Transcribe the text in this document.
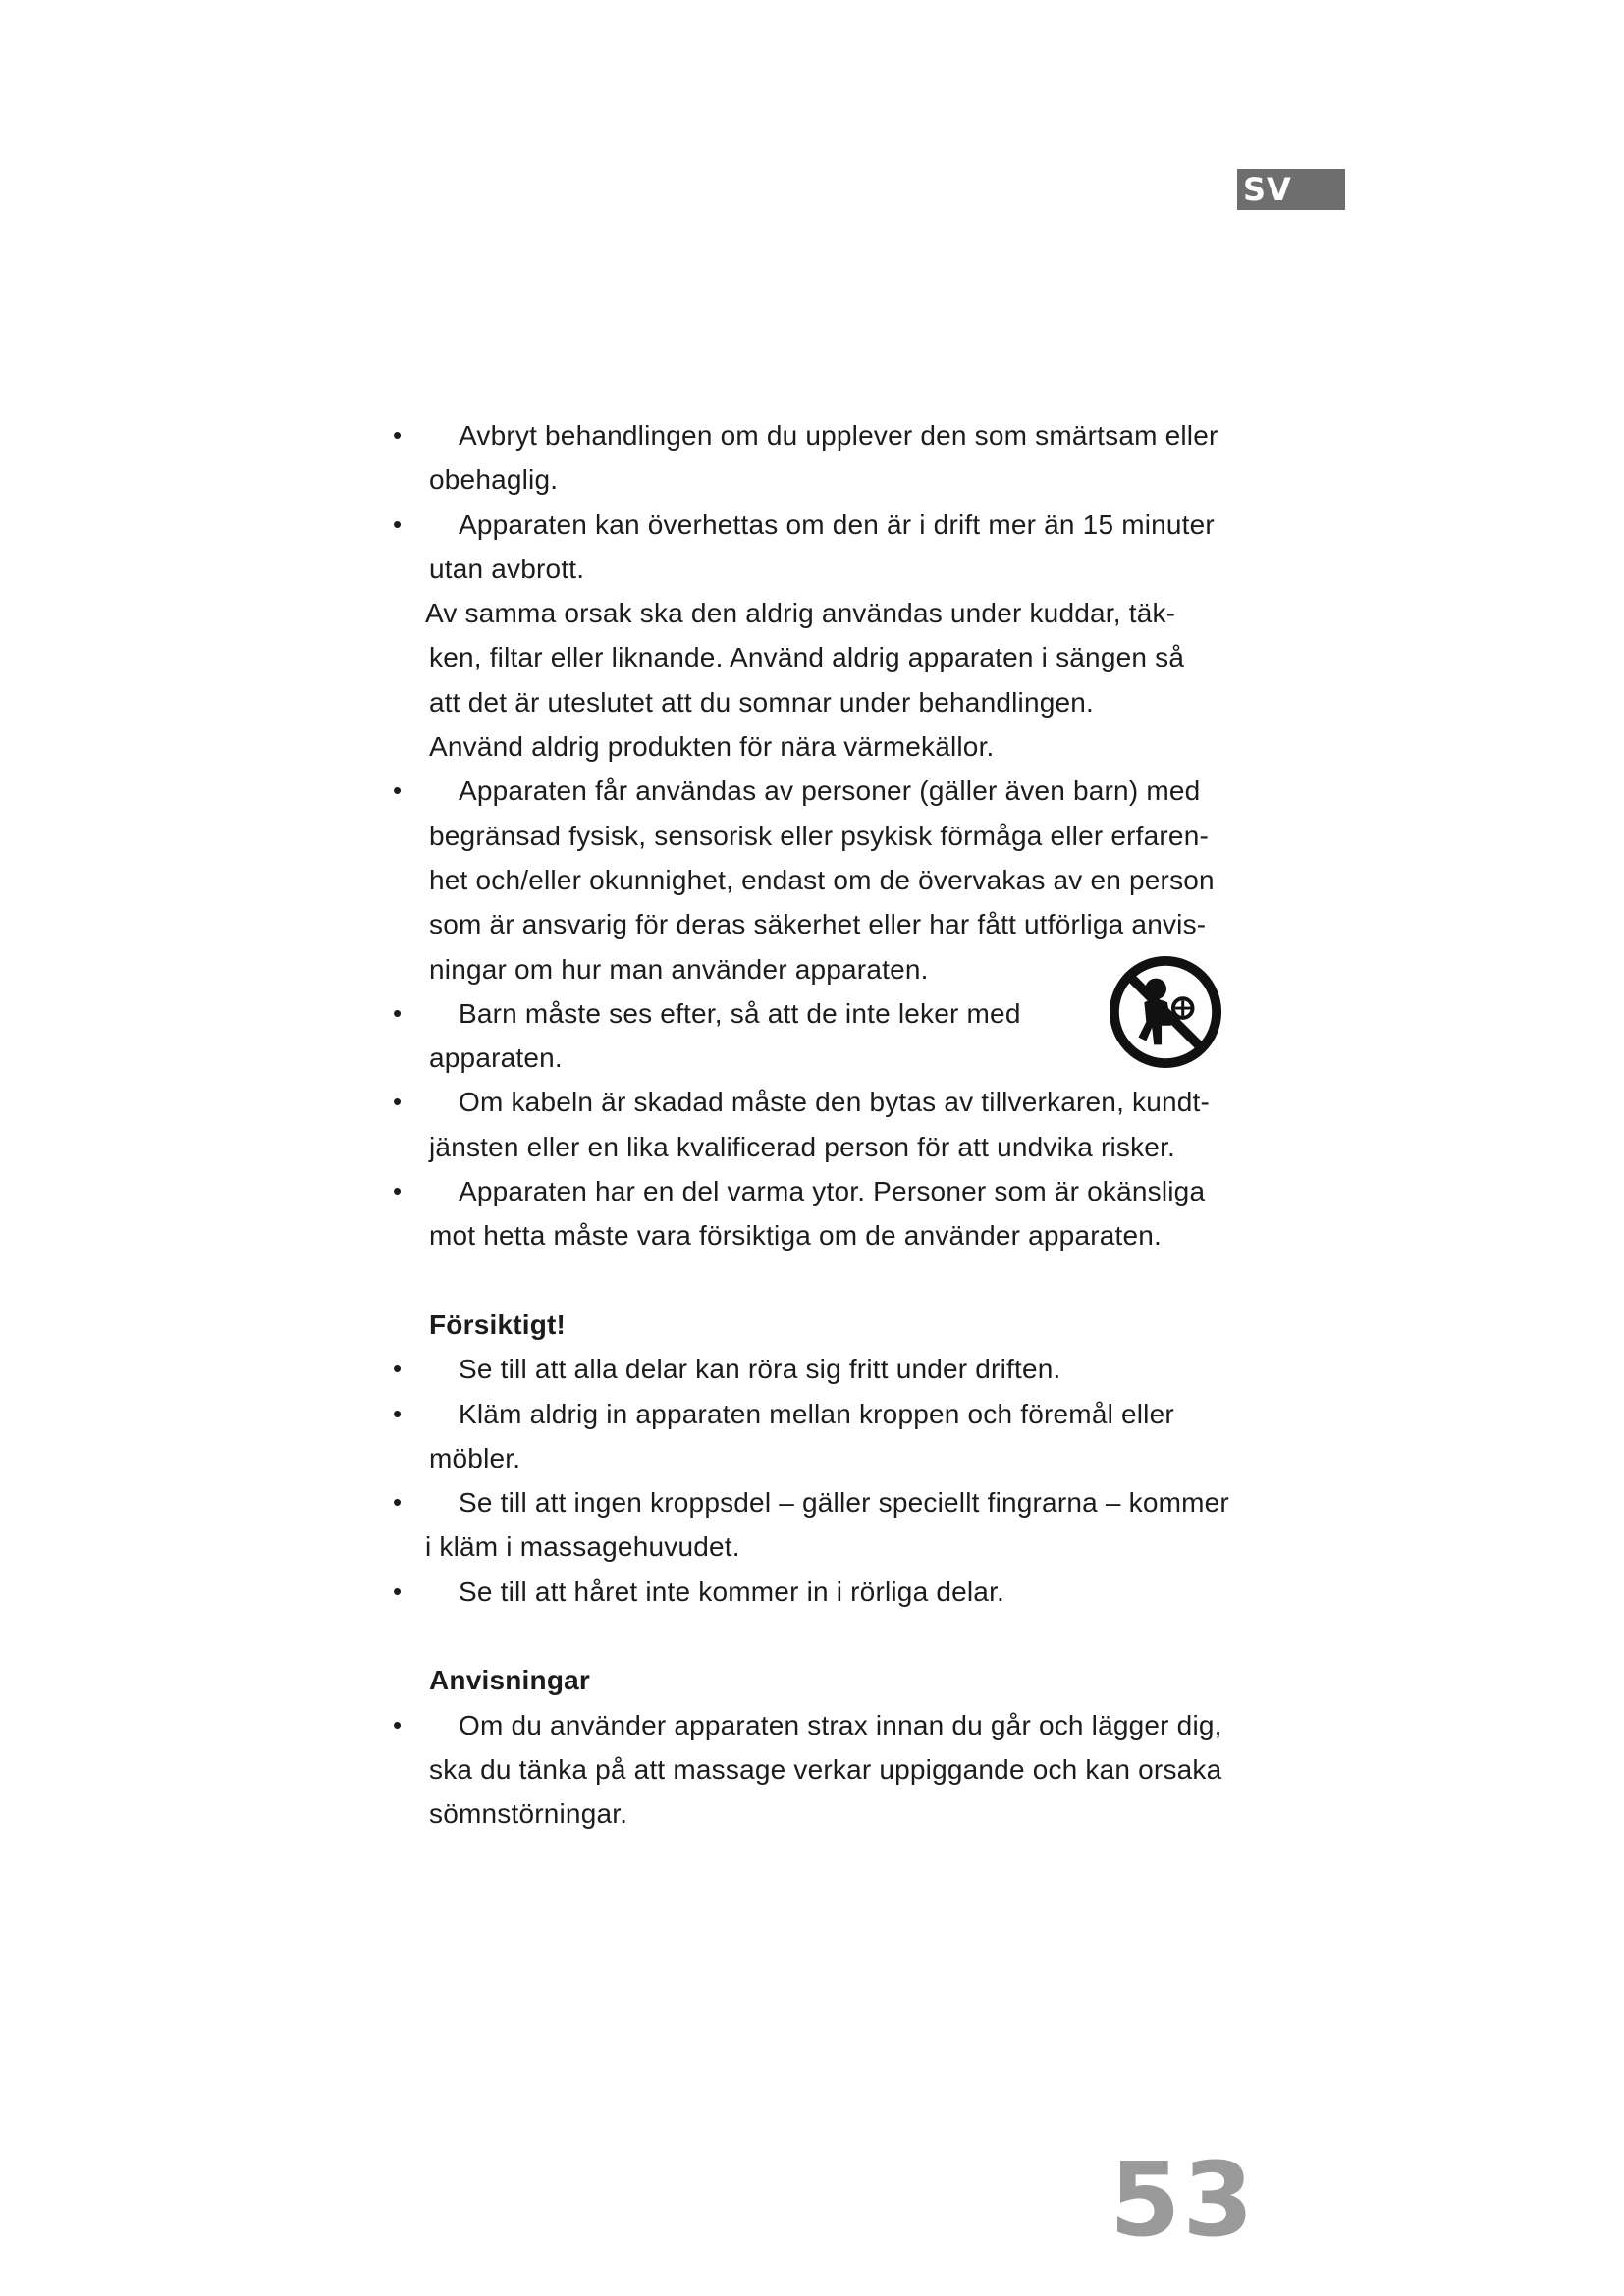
SV
•	Avbryt behandlingen om du upplever den som smärtsam eller
obehaglig.
•	Apparaten kan överhettas om den är i drift mer än 15 minuter
utan avbrott.
Av samma orsak ska den aldrig användas under kuddar, täk-
ken, filtar eller liknande. Använd aldrig apparaten i sängen så
att det är uteslutet att du somnar under behandlingen.
Använd aldrig produkten för nära värmekällor.
•	Apparaten får användas av personer (gäller även barn) med
begränsad fysisk, sensorisk eller psykisk förmåga eller erfaren-
het och/eller okunnighet, endast om de övervakas av en person
som är ansvarig för deras säkerhet eller har fått utförliga anvis-
ningar om hur man använder apparaten.
•	Barn måste ses efter, så att de inte leker med
apparaten.
•	Om kabeln är skadad måste den bytas av tillverkaren, kundt-
jänsten eller en lika kvalificerad person för att undvika risker.
•	Apparaten har en del varma ytor. Personer som är okänsliga
mot hetta måste vara försiktiga om de använder apparaten.
Försiktigt!
•	Se till att alla delar kan röra sig fritt under driften.
•	Kläm aldrig in apparaten mellan kroppen och föremål eller
möbler.
•	Se till att ingen kroppsdel – gäller speciellt fingrarna – kommer
i kläm i massagehuvudet.
•	Se till att håret inte kommer in i rörliga delar.
Anvisningar
•	Om du använder apparaten strax innan du går och lägger dig,
ska du tänka på att massage verkar uppiggande och kan orsaka
sömnstörningar.
53
